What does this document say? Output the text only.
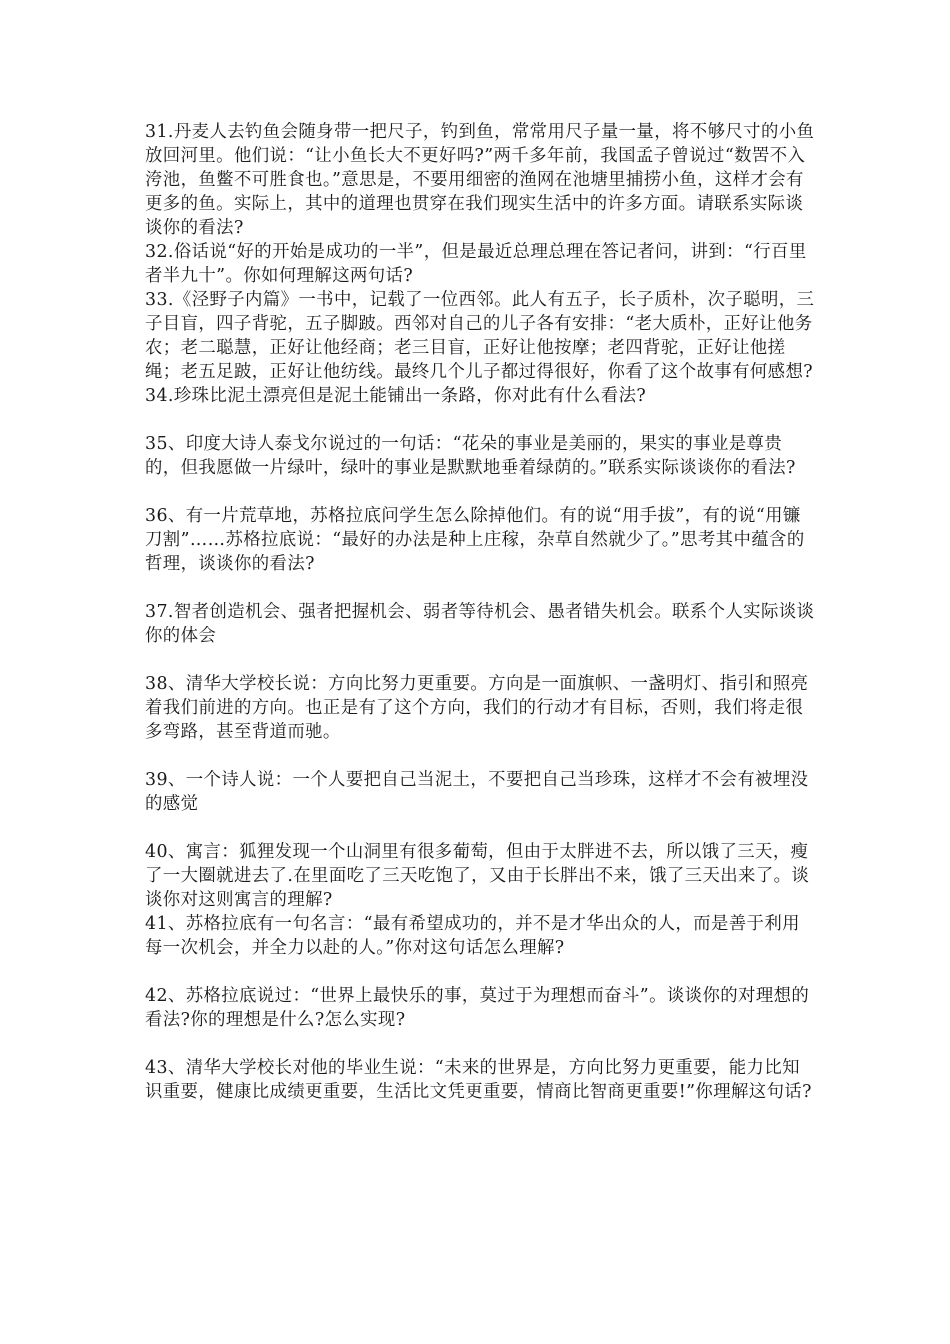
31.丹麦人去钓鱼会随身带一把尺子，钓到鱼，常常用尺子量一量，将不够尺寸的小鱼放回河里。他们说：“让小鱼长大不更好吗?”两千多年前，我国孟子曾说过“数罟不入洿池，鱼鳖不可胜食也。”意思是，不要用细密的渔网在池塘里捕捞小鱼，这样才会有更多的鱼。实际上，其中的道理也贯穿在我们现实生活中的许多方面。请联系实际谈谈你的看法?

32.俗话说“好的开始是成功的一半”，但是最近总理总理在答记者问，讲到：“行百里者半九十”。你如何理解这两句话?

33.《泾野子内篇》一书中，记载了一位西邻。此人有五子，长子质朴，次子聪明，三子目盲，四子背驼，五子脚跛。西邻对自己的儿子各有安排：“老大质朴，正好让他务农；老二聪慧，正好让他经商；老三目盲，正好让他按摩；老四背驼，正好让他搓绳；老五足跛，正好让他纺线。最终几个儿子都过得很好，你看了这个故事有何感想?

34.珍珠比泥土漂亮但是泥土能铺出一条路，你对此有什么看法?

35、印度大诗人泰戈尔说过的一句话：“花朵的事业是美丽的，果实的事业是尊贵的，但我愿做一片绿叶，绿叶的事业是默默地垂着绿荫的。”联系实际谈谈你的看法?

36、有一片荒草地，苏格拉底问学生怎么除掉他们。有的说“用手拔”，有的说“用镰刀割”……苏格拉底说：“最好的办法是种上庄稼，杂草自然就少了。”思考其中蕴含的哲理，谈谈你的看法?

37.智者创造机会、强者把握机会、弱者等待机会、愚者错失机会。联系个人实际谈谈你的体会

38、清华大学校长说：方向比努力更重要。方向是一面旗帜、一盏明灯、指引和照亮着我们前进的方向。也正是有了这个方向，我们的行动才有目标，否则，我们将走很多弯路，甚至背道而驰。

39、一个诗人说：一个人要把自己当泥土，不要把自己当珍珠，这样才不会有被埋没的感觉

40、寓言：狐狸发现一个山洞里有很多葡萄，但由于太胖进不去，所以饿了三天，瘦了一大圈就进去了.在里面吃了三天吃饱了，又由于长胖出不来，饿了三天出来了。谈谈你对这则寓言的理解?

41、苏格拉底有一句名言：“最有希望成功的，并不是才华出众的人，而是善于利用每一次机会，并全力以赴的人。”你对这句话怎么理解?

42、苏格拉底说过：“世界上最快乐的事，莫过于为理想而奋斗”。谈谈你的对理想的看法?你的理想是什么?怎么实现?

43、清华大学校长对他的毕业生说：“未来的世界是，方向比努力更重要，能力比知识重要，健康比成绩更重要，生活比文凭更重要，情商比智商更重要!”你理解这句话?
